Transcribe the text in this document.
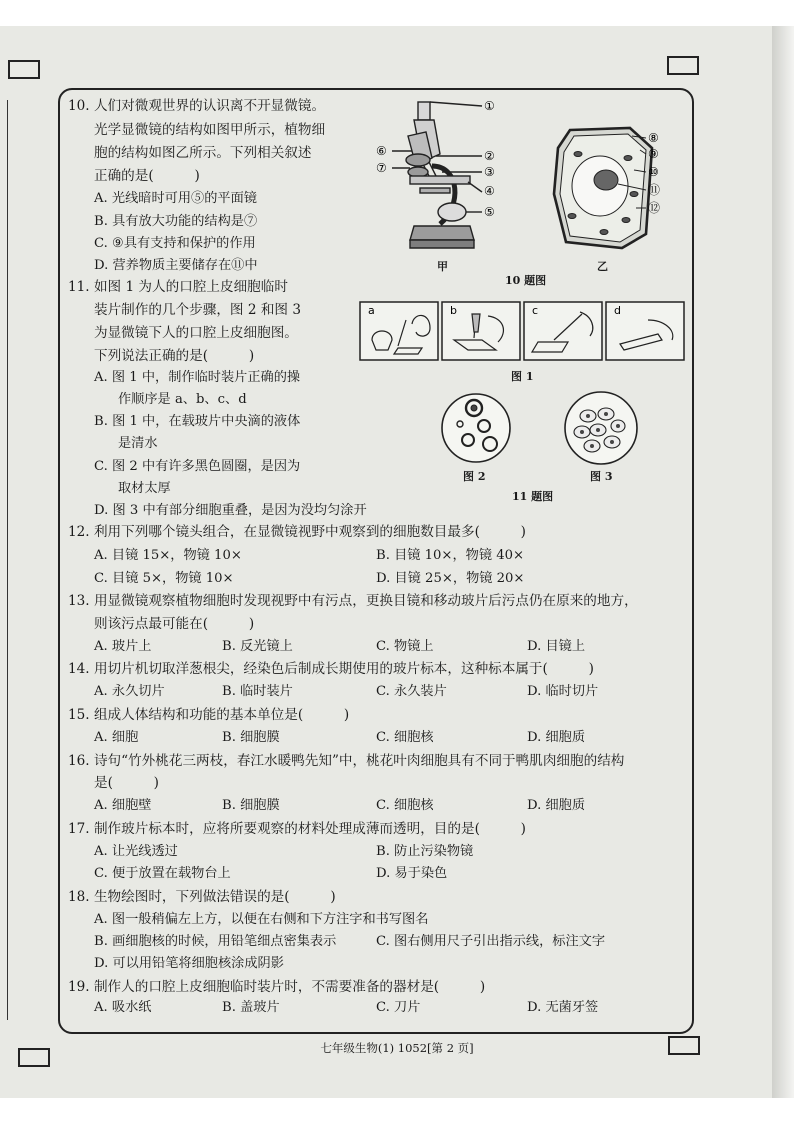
10. 人们对微观世界的认识离不开显微镜。
光学显微镜的结构如图甲所示，植物细
胞的结构如图乙所示。下列相关叙述
正确的是(　　　)
A. 光线暗时可用⑤的平面镜
B. 具有放大功能的结构是⑦
C. ⑨具有支持和保护的作用
D. 营养物质主要储存在⑪中
①
②
③
④
⑤
⑥
⑦
甲
⑧
⑨
⑩
⑪
⑫
乙
10 题图
11. 如图 1 为人的口腔上皮细胞临时
装片制作的几个步骤，图 2 和图 3
为显微镜下人的口腔上皮细胞图。
下列说法正确的是(　　　)
A. 图 1 中，制作临时装片正确的操
作顺序是 a、b、c、d
B. 图 1 中，在载玻片中央滴的液体
是清水
C. 图 2 中有许多黑色圆圈，是因为
取材太厚
D. 图 3 中有部分细胞重叠，是因为没均匀涂开
a	b	c	d
图 1
图 2	图 3
11 题图
12. 利用下列哪个镜头组合，在显微镜视野中观察到的细胞数目最多(　　　)
A. 目镜 15×，物镜 10×	B. 目镜 10×，物镜 40×
C. 目镜 5×，物镜 10×	D. 目镜 25×，物镜 20×
13. 用显微镜观察植物细胞时发现视野中有污点，更换目镜和移动玻片后污点仍在原来的地方，
则该污点最可能在(　　　)
A. 玻片上	B. 反光镜上	C. 物镜上	D. 目镜上
14. 用切片机切取洋葱根尖，经染色后制成长期使用的玻片标本，这种标本属于(　　　)
A. 永久切片	B. 临时装片	C. 永久装片	D. 临时切片
15. 组成人体结构和功能的基本单位是(　　　)
A. 细胞	B. 细胞膜	C. 细胞核	D. 细胞质
16. 诗句“竹外桃花三两枝，春江水暖鸭先知”中，桃花叶肉细胞具有不同于鸭肌肉细胞的结构
是(　　　)
A. 细胞壁	B. 细胞膜	C. 细胞核	D. 细胞质
17. 制作玻片标本时，应将所要观察的材料处理成薄而透明，目的是(　　　)
A. 让光线透过	B. 防止污染物镜
C. 便于放置在载物台上	D. 易于染色
18. 生物绘图时，下列做法错误的是(　　　)
A. 图一般稍偏左上方，以便在右侧和下方注字和书写图名
B. 画细胞核的时候，用铅笔细点密集表示	C. 图右侧用尺子引出指示线，标注文字
D. 可以用铅笔将细胞核涂成阴影
19. 制作人的口腔上皮细胞临时装片时，不需要准备的器材是(　　　)
A. 吸水纸	B. 盖玻片	C. 刀片	D. 无菌牙签
七年级生物(1) 1052[第 2 页]
